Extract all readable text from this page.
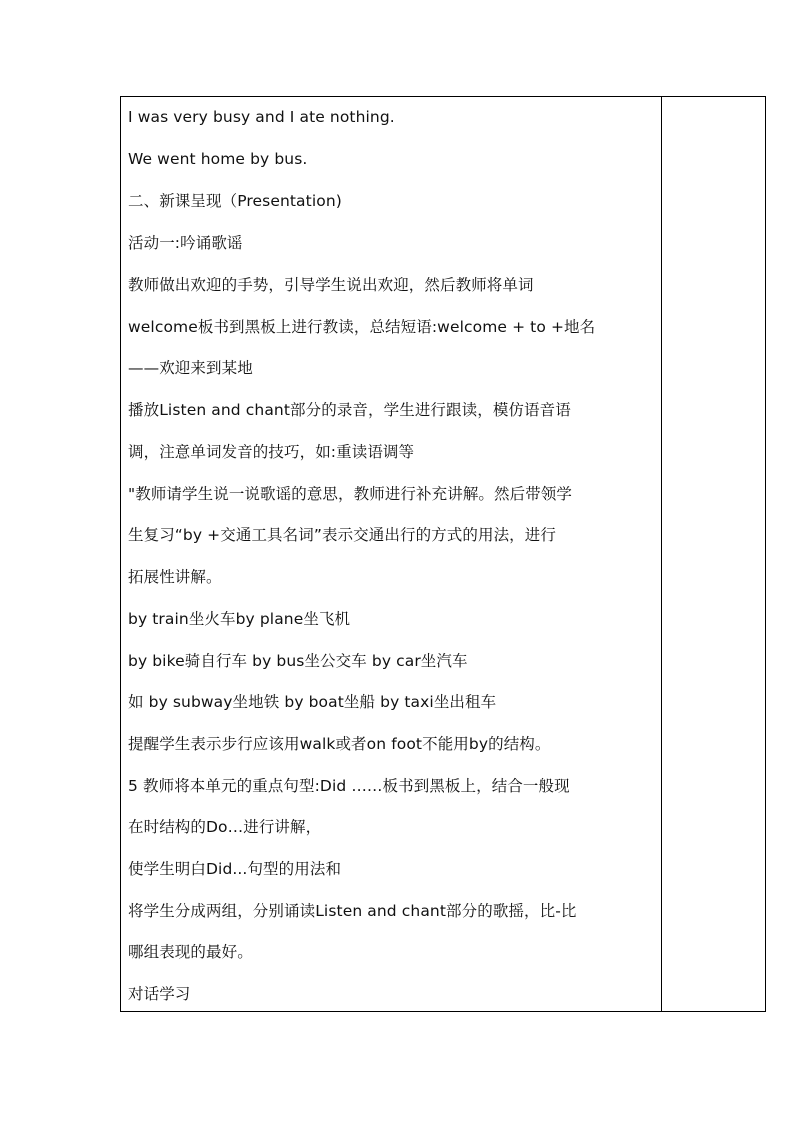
I was very busy and I ate nothing.
We went home by bus.
二、新课呈现（Presentation)
活动一:吟诵歌谣
教师做出欢迎的手势，引导学生说出欢迎，然后教师将单词
welcome板书到黑板上进行教读，总结短语:welcome + to +地名
——欢迎来到某地
播放Listen and chant部分的录音，学生进行跟读，模仿语音语
调，注意单词发音的技巧，如:重读语调等
"教师请学生说一说歌谣的意思，教师进行补充讲解。然后带领学
生复习“by +交通工具名词”表示交通出行的方式的用法，进行
拓展性讲解。
by train坐火车by plane坐飞机
by bike骑自行车 by bus坐公交车 by car坐汽车
如 by subway坐地铁 by boat坐船 by taxi坐出租车
提醒学生表示步行应该用walk或者on foot不能用by的结构。
5 教师将本单元的重点句型:Did ……板书到黑板上，结合一般现
在时结构的Do…进行讲解，
使学生明白Did...句型的用法和
将学生分成两组，分别诵读Listen and chant部分的歌摇，比-比
哪组表现的最好。
对话学习
